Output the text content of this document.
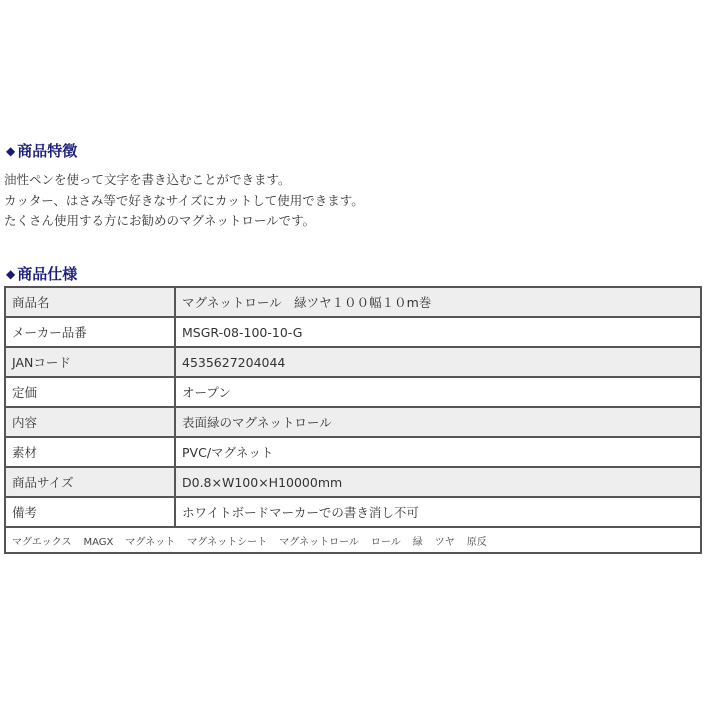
◆ 商品特徴
油性ペンを使って文字を書き込むことができます。
カッター、はさみ等で好きなサイズにカットして使用できます。
たくさん使用する方にお勧めのマグネットロールです。
◆ 商品仕様
商品名	マグネットロール　緑ツヤ１００幅１０m巻
メーカー品番	MSGR-08-100-10-G
JANコード	4535627204044
定価	オープン
内容	表面緑のマグネットロール
素材	PVC/マグネット
商品サイズ	D0.8×W100×H10000mm
備考	ホワイトボードマーカーでの書き消し不可
マグエックス MAGX マグネット マグネットシート マグネットロール ロール 緑 ツヤ 原反	
